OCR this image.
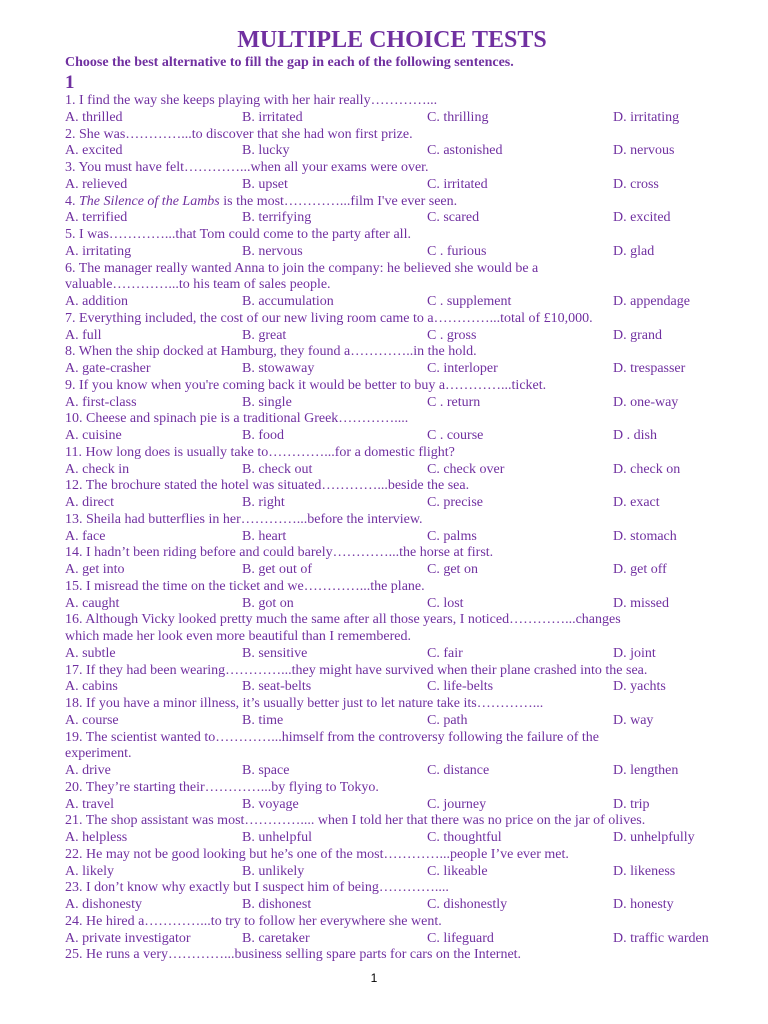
MULTIPLE CHOICE TESTS
Choose the best alternative to fill the gap in each of the following sentences.
1
1. I find the way she keeps playing with her hair really…………...
A. thrilled	B. irritated	C. thrilling	D. irritating
2. She was…………...to discover that she had won first prize.
A. excited	B. lucky	C. astonished	D. nervous
3. You must have felt…………...when all your exams were over.
A. relieved	B. upset	C. irritated	D. cross
4. The Silence of the Lambs is the most…………...film I've ever seen.
A. terrified	B. terrifying	C. scared	D. excited
5. I was…………...that Tom could come to the party after all.
A. irritating	B. nervous	C . furious	D. glad
6. The manager really wanted Anna to join the company: he believed she would be a
valuable…………...to his team of sales people.
A. addition	B. accumulation	C . supplement	D. appendage
7. Everything included, the cost of our new living room came to a…………...total of £10,000.
A. full	B. great	C . gross	D. grand
8. When the ship docked at Hamburg, they found a…………..in the hold.
A. gate-crasher	B. stowaway	C. interloper	D. trespasser
9. If you know when you're coming back it would be better to buy a…………...ticket.
A. first-class	B. single	C . return	D. one-way
10. Cheese and spinach pie is a traditional Greek…………....
A. cuisine	B. food	C . course	D . dish
11. How long does is usually take to…………...for a domestic flight?
A. check in	B. check out	C. check over	D. check on
12. The brochure stated the hotel was situated…………...beside the sea.
A. direct	B. right	C. precise	D. exact
13. Sheila had butterflies in her…………...before the interview.
A. face	B. heart	C. palms	D. stomach
14. I hadn’t been riding before and could barely…………...the horse at first.
A. get into	B. get out of	C. get on	D. get off
15. I misread the time on the ticket and we…………...the plane.
A. caught	B. got on	C. lost	D. missed
16. Although Vicky looked pretty much the same after all those years, I noticed…………...changes
which made her look even more beautiful than I remembered.
A. subtle	B. sensitive	C. fair	D. joint
17. If they had been wearing…………...they might have survived when their plane crashed into the sea.
A. cabins	B. seat-belts	C. life-belts	D. yachts
18. If you have a minor illness, it’s usually better just to let nature take its…………...
A. course	B. time	C. path	D. way
19. The scientist wanted to…………...himself from the controversy following the failure of the
experiment.
A. drive	B. space	C. distance	D. lengthen
20. They’re starting their…………...by flying to Tokyo.
A. travel	B. voyage	C. journey	D. trip
21. The shop assistant was most………….... when I told her that there was no price on the jar of olives.
A. helpless	B. unhelpful	C. thoughtful	D. unhelpfully
22. He may not be good looking but he’s one of the most…………...people I’ve ever met.
A. likely	B. unlikely	C. likeable	D. likeness
23. I don’t know why exactly but I suspect him of being…………....
A. dishonesty	B. dishonest	C. dishonestly	D. honesty
24. He hired a…………...to try to follow her everywhere she went.
A. private investigator	B. caretaker	C. lifeguard	D. traffic warden
25. He runs a very…………...business selling spare parts for cars on the Internet.
1
